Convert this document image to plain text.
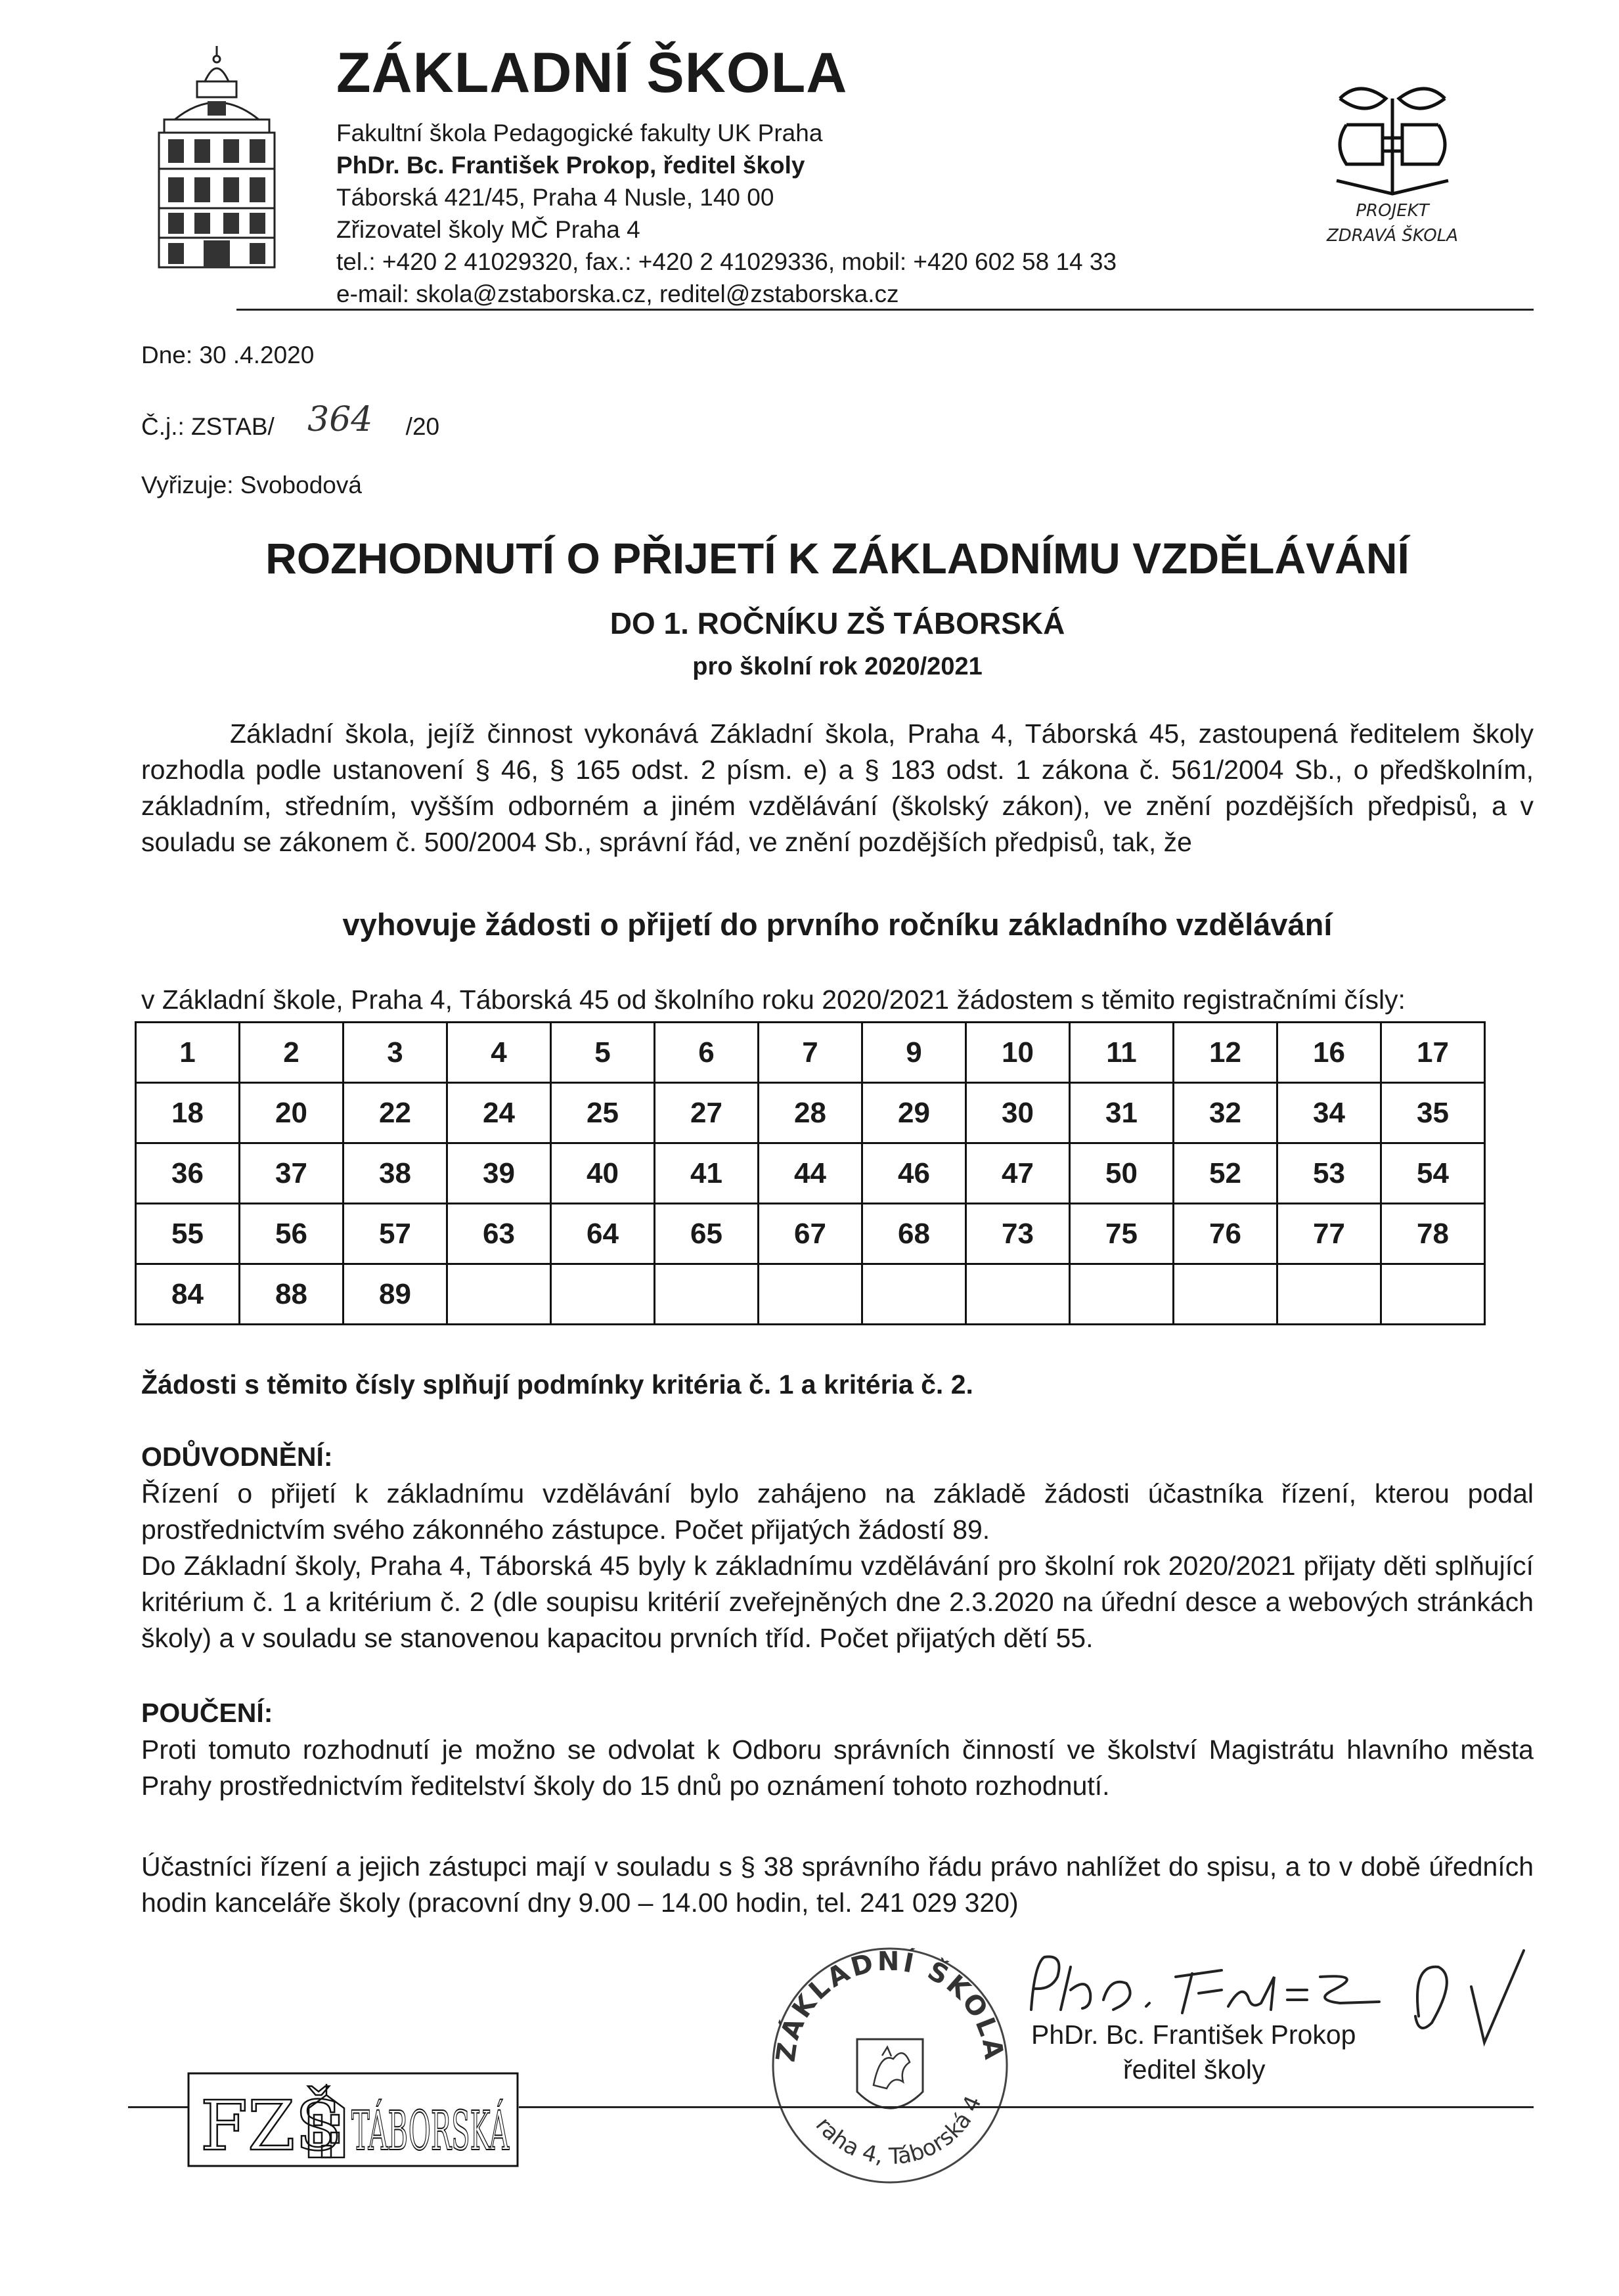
ZÁKLADNÍ ŠKOLA
Fakultní škola Pedagogické fakulty UK Praha
PhDr. Bc. František Prokop, ředitel školy
Táborská 421/45, Praha 4 Nusle, 140 00
Zřizovatel školy MČ Praha 4
tel.: +420 2 41029320, fax.: +420 2 41029336, mobil: +420 602 58 14 33
e-mail: skola@zstaborska.cz, reditel@zstaborska.cz
PROJEKT
ZDRAVÁ ŠKOLA
Dne: 30 .4.2020
Č.j.: ZSTAB/ 364 /20
Vyřizuje: Svobodová
ROZHODNUTÍ O PŘIJETÍ K ZÁKLADNÍMU VZDĚLÁVÁNÍ
DO 1. ROČNÍKU ZŠ TÁBORSKÁ
pro školní rok 2020/2021

Základní škola, jejíž činnost vykonává Základní škola, Praha 4, Táborská 45, zastoupená ředitelem školy rozhodla podle ustanovení § 46, § 165 odst. 2 písm. e) a § 183 odst. 1 zákona č. 561/2004 Sb., o předškolním, základním, středním, vyšším odborném a jiném vzdělávání (školský zákon), ve znění pozdějších předpisů, a v souladu se zákonem č. 500/2004 Sb., správní řád, ve znění pozdějších předpisů, tak, že

vyhovuje žádosti o přijetí do prvního ročníku základního vzdělávání
v Základní škole, Praha 4, Táborská 45 od školního roku 2020/2021 žádostem s těmito registračními čísly:
1	2	3	4	5	6	7	9	10	11	12	16	17
18	20	22	24	25	27	28	29	30	31	32	34	35
36	37	38	39	40	41	44	46	47	50	52	53	54
55	56	57	63	64	65	67	68	73	75	76	77	78
84	88	89										
Žádosti s těmito čísly splňují podmínky kritéria č. 1 a kritéria č. 2.
ODŮVODNĚNÍ:

Řízení o přijetí k základnímu vzdělávání bylo zahájeno na základě žádosti účastníka řízení, kterou podal prostřednictvím svého zákonného zástupce. Počet přijatých žádostí 89.

Do Základní školy, Praha 4, Táborská 45 byly k základnímu vzdělávání pro školní rok 2020/2021 přijaty děti splňující kritérium č. 1 a kritérium č. 2 (dle soupisu kritérií zveřejněných dne 2.3.2020 na úřední desce a webových stránkách školy) a v souladu se stanovenou kapacitou prvních tříd. Počet přijatých dětí 55.

POUČENÍ:
Proti tomuto rozhodnutí je možno se odvolat k Odboru správních činností ve školství Magistrátu hlavního města Prahy prostřednictvím ředitelství školy do 15 dnů po oznámení tohoto rozhodnutí.
Účastníci řízení a jejich zástupci mají v souladu s § 38 správního řádu právo nahlížet do spisu, a to v době úředních hodin kanceláře školy (pracovní dny 9.00 – 14.00 hodin, tel. 241 029 320)
ZÁKLADNÍ ŠKOLA
raha 4, Táborská 4
PhDr. Bc. František Prokop
ředitel školy
FZŠ TÁBORSKÁ
